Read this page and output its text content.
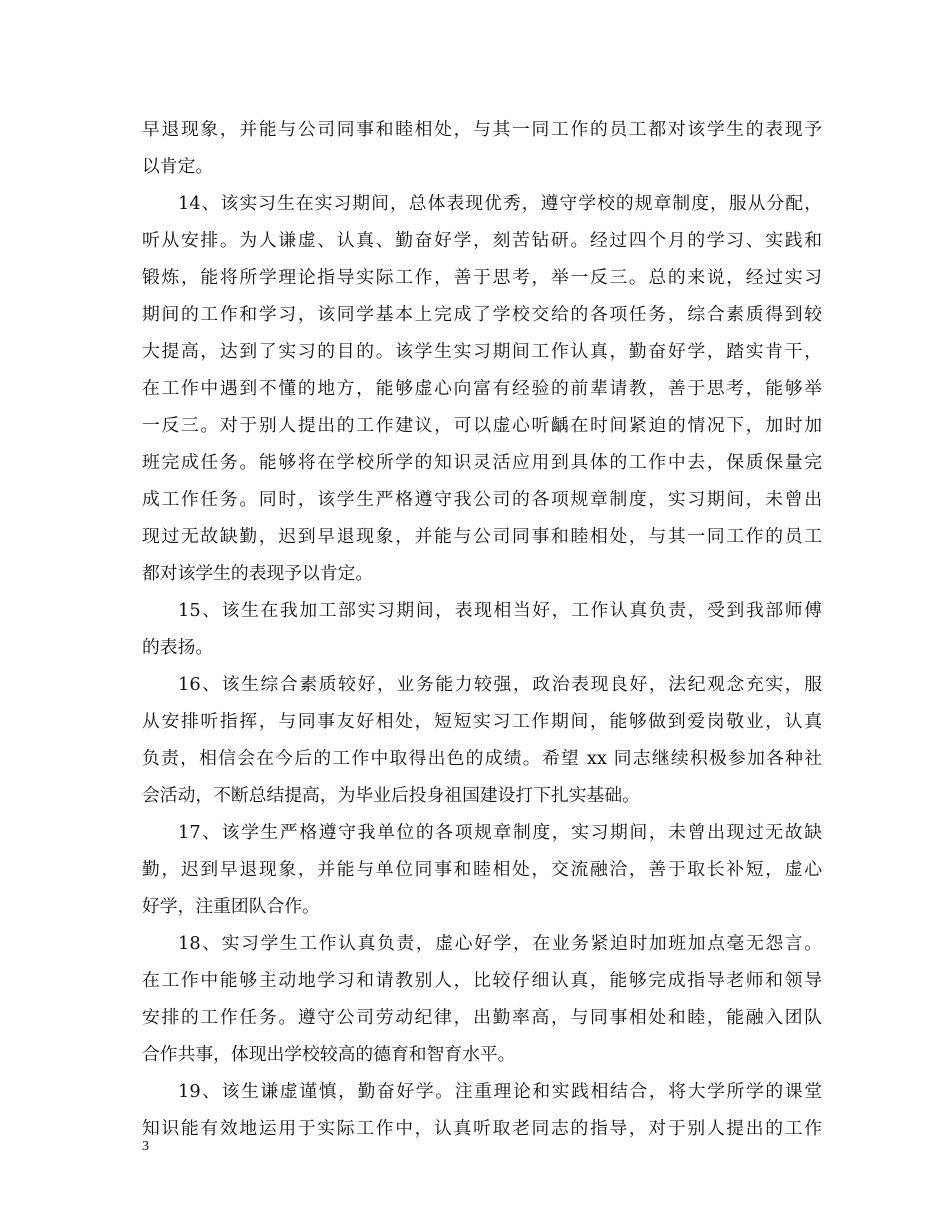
早退现象，并能与公司同事和睦相处，与其一同工作的员工都对该学生的表现予
以肯定。
14、该实习生在实习期间，总体表现优秀，遵守学校的规章制度，服从分配，
听从安排。为人谦虚、认真、勤奋好学，刻苦钻研。经过四个月的学习、实践和
锻炼，能将所学理论指导实际工作，善于思考，举一反三。总的来说，经过实习
期间的工作和学习，该同学基本上完成了学校交给的各项任务，综合素质得到较
大提高，达到了实习的目的。该学生实习期间工作认真，勤奋好学，踏实肯干，
在工作中遇到不懂的地方，能够虚心向富有经验的前辈请教，善于思考，能够举
一反三。对于别人提出的工作建议，可以虚心听齲在时间紧迫的情况下，加时加
班完成任务。能够将在学校所学的知识灵活应用到具体的工作中去，保质保量完
成工作任务。同时，该学生严格遵守我公司的各项规章制度，实习期间，未曾出
现过无故缺勤，迟到早退现象，并能与公司同事和睦相处，与其一同工作的员工
都对该学生的表现予以肯定。
15、该生在我加工部实习期间，表现相当好，工作认真负责，受到我部师傅
的表扬。
16、该生综合素质较好，业务能力较强，政治表现良好，法纪观念充实，服
从安排听指挥，与同事友好相处，短短实习工作期间，能够做到爱岗敬业，认真
负责，相信会在今后的工作中取得出色的成绩。希望 xx 同志继续积极参加各种社
会活动，不断总结提高，为毕业后投身祖国建设打下扎实基础。
17、该学生严格遵守我单位的各项规章制度，实习期间，未曾出现过无故缺
勤，迟到早退现象，并能与单位同事和睦相处，交流融洽，善于取长补短，虚心
好学，注重团队合作。
18、实习学生工作认真负责，虚心好学，在业务紧迫时加班加点毫无怨言。
在工作中能够主动地学习和请教别人，比较仔细认真，能够完成指导老师和领导
安排的工作任务。遵守公司劳动纪律，出勤率高，与同事相处和睦，能融入团队
合作共事，体现出学校较高的德育和智育水平。
19、该生谦虚谨慎，勤奋好学。注重理论和实践相结合，将大学所学的课堂
知识能有效地运用于实际工作中，认真听取老同志的指导，对于别人提出的工作
3
